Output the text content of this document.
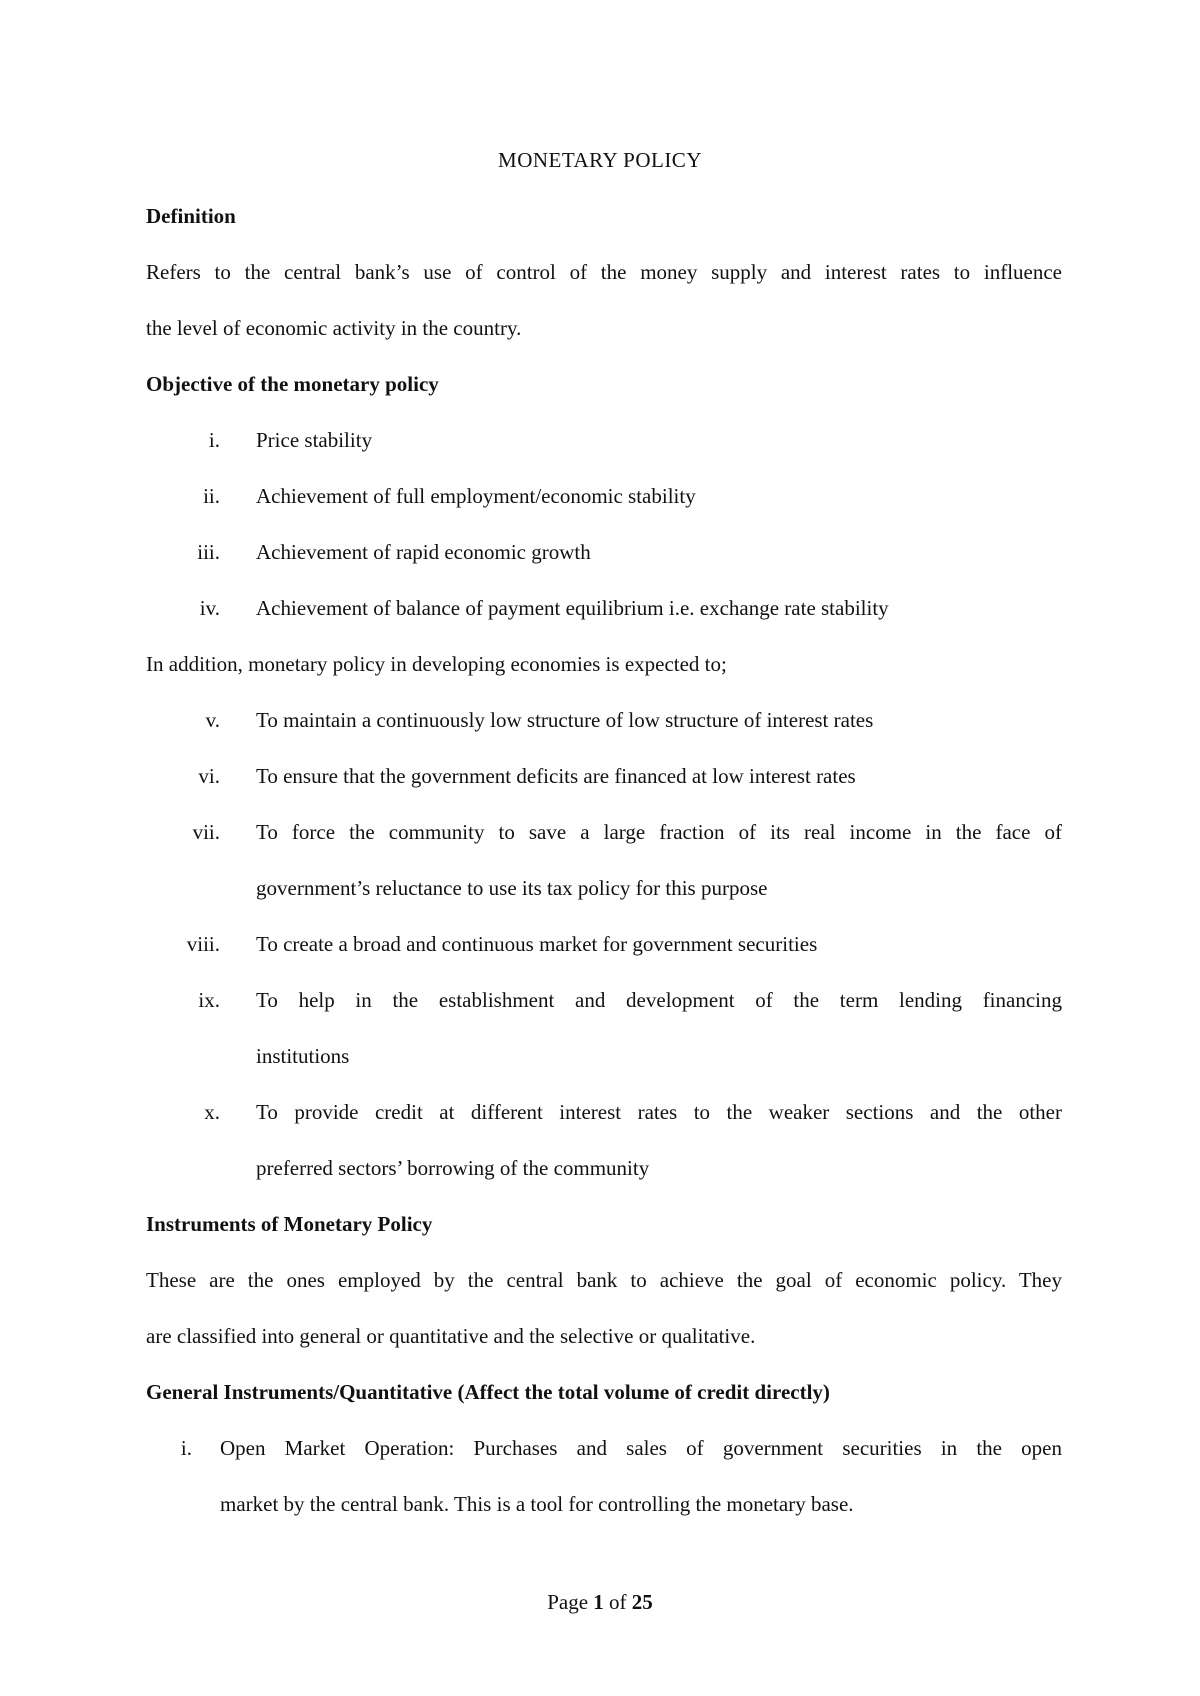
MONETARY POLICY
Definition
Refers to the central bank’s use of control of the money supply and interest rates to influence
the level of economic activity in the country.
Objective of the monetary policy
i. Price stability
ii. Achievement of full employment/economic stability
iii. Achievement of rapid economic growth
iv. Achievement of balance of payment equilibrium i.e. exchange rate stability
In addition, monetary policy in developing economies is expected to;
v. To maintain a continuously low structure of low structure of interest rates
vi. To ensure that the government deficits are financed at low interest rates
vii. To force the community to save a large fraction of its real income in the face of
government’s reluctance to use its tax policy for this purpose
viii. To create a broad and continuous market for government securities
ix. To help in the establishment and development of the term lending financing
institutions
x. To provide credit at different interest rates to the weaker sections and the other
preferred sectors’ borrowing of the community
Instruments of Monetary Policy
These are the ones employed by the central bank to achieve the goal of economic policy. They
are classified into general or quantitative and the selective or qualitative.
General Instruments/Quantitative (Affect the total volume of credit directly)
i. Open Market Operation: Purchases and sales of government securities in the open
market by the central bank. This is a tool for controlling the monetary base.
Page 1 of 25
